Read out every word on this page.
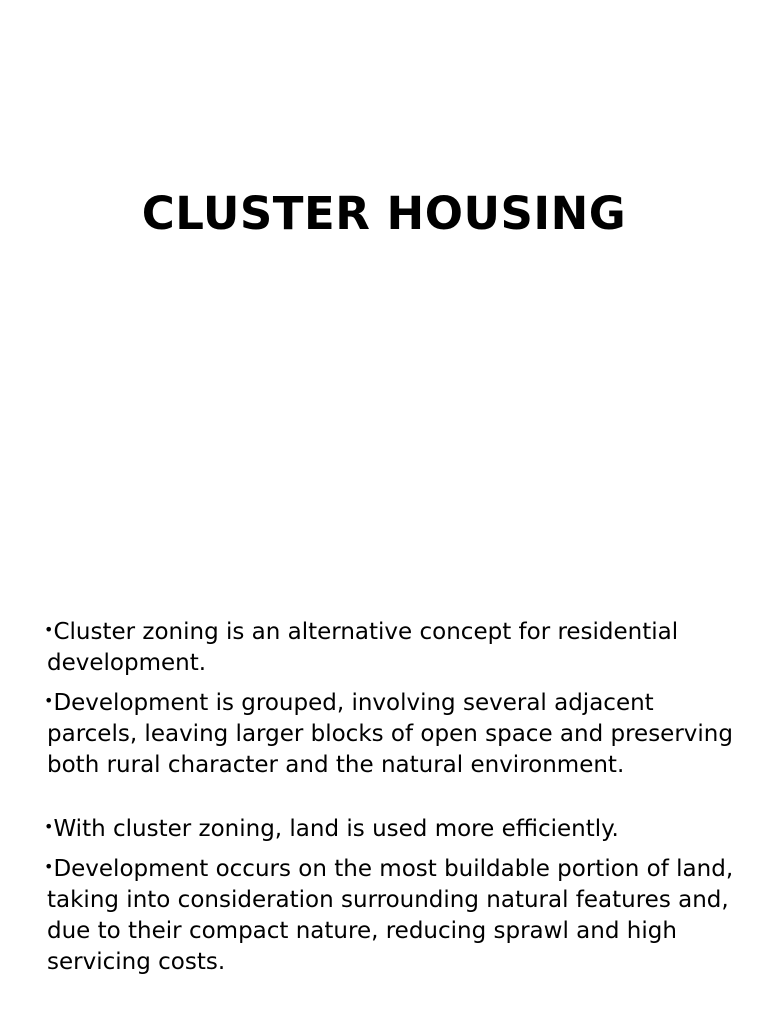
CLUSTER HOUSING

•Cluster zoning is an alternative concept for residential development.

•Development is grouped, involving several adjacent parcels, leaving larger blocks of open space and preserving both rural character and the natural environment.

•With cluster zoning, land is used more efficiently.

•Development occurs on the most buildable portion of land, taking into consideration surrounding natural features and, due to their compact nature, reducing sprawl and high servicing costs.
